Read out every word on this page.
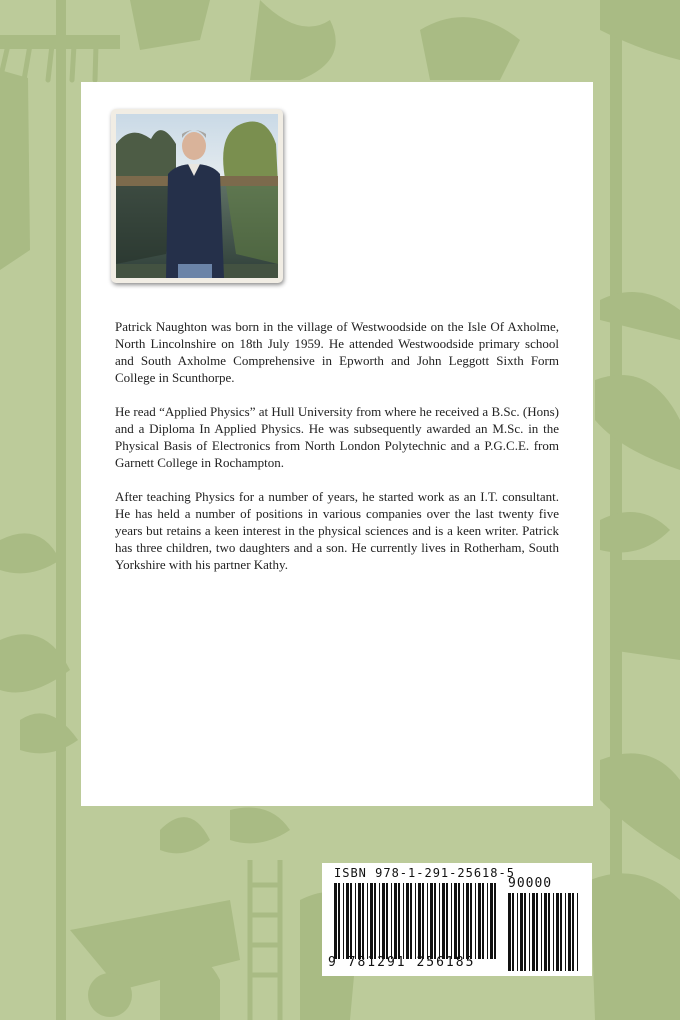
Patrick Naughton was born in the village of Westwoodside on the Isle Of Axholme, North Lincolnshire on 18th July 1959. He attended Westwoodside primary school and South Axholme Comprehensive in Epworth and John Leggott Sixth Form College in Scunthorpe.

He read “Applied Physics” at Hull University from where he received a B.Sc. (Hons) and a Diploma In Applied Physics. He was subsequently awarded an M.Sc. in the Physical Basis of Electronics from North London Polytechnic and a P.G.C.E. from Garnett College in Rochampton.

After teaching Physics for a number of years, he started work as an I.T. consultant. He has held a number of positions in various companies over the last twenty five years but retains a keen interest in the physical sciences and is a keen writer. Patrick has three children, two daughters and a son. He currently lives in Rotherham, South Yorkshire with his partner Kathy.

ISBN 978-1-291-25618-5
90000
9 781291 256185
